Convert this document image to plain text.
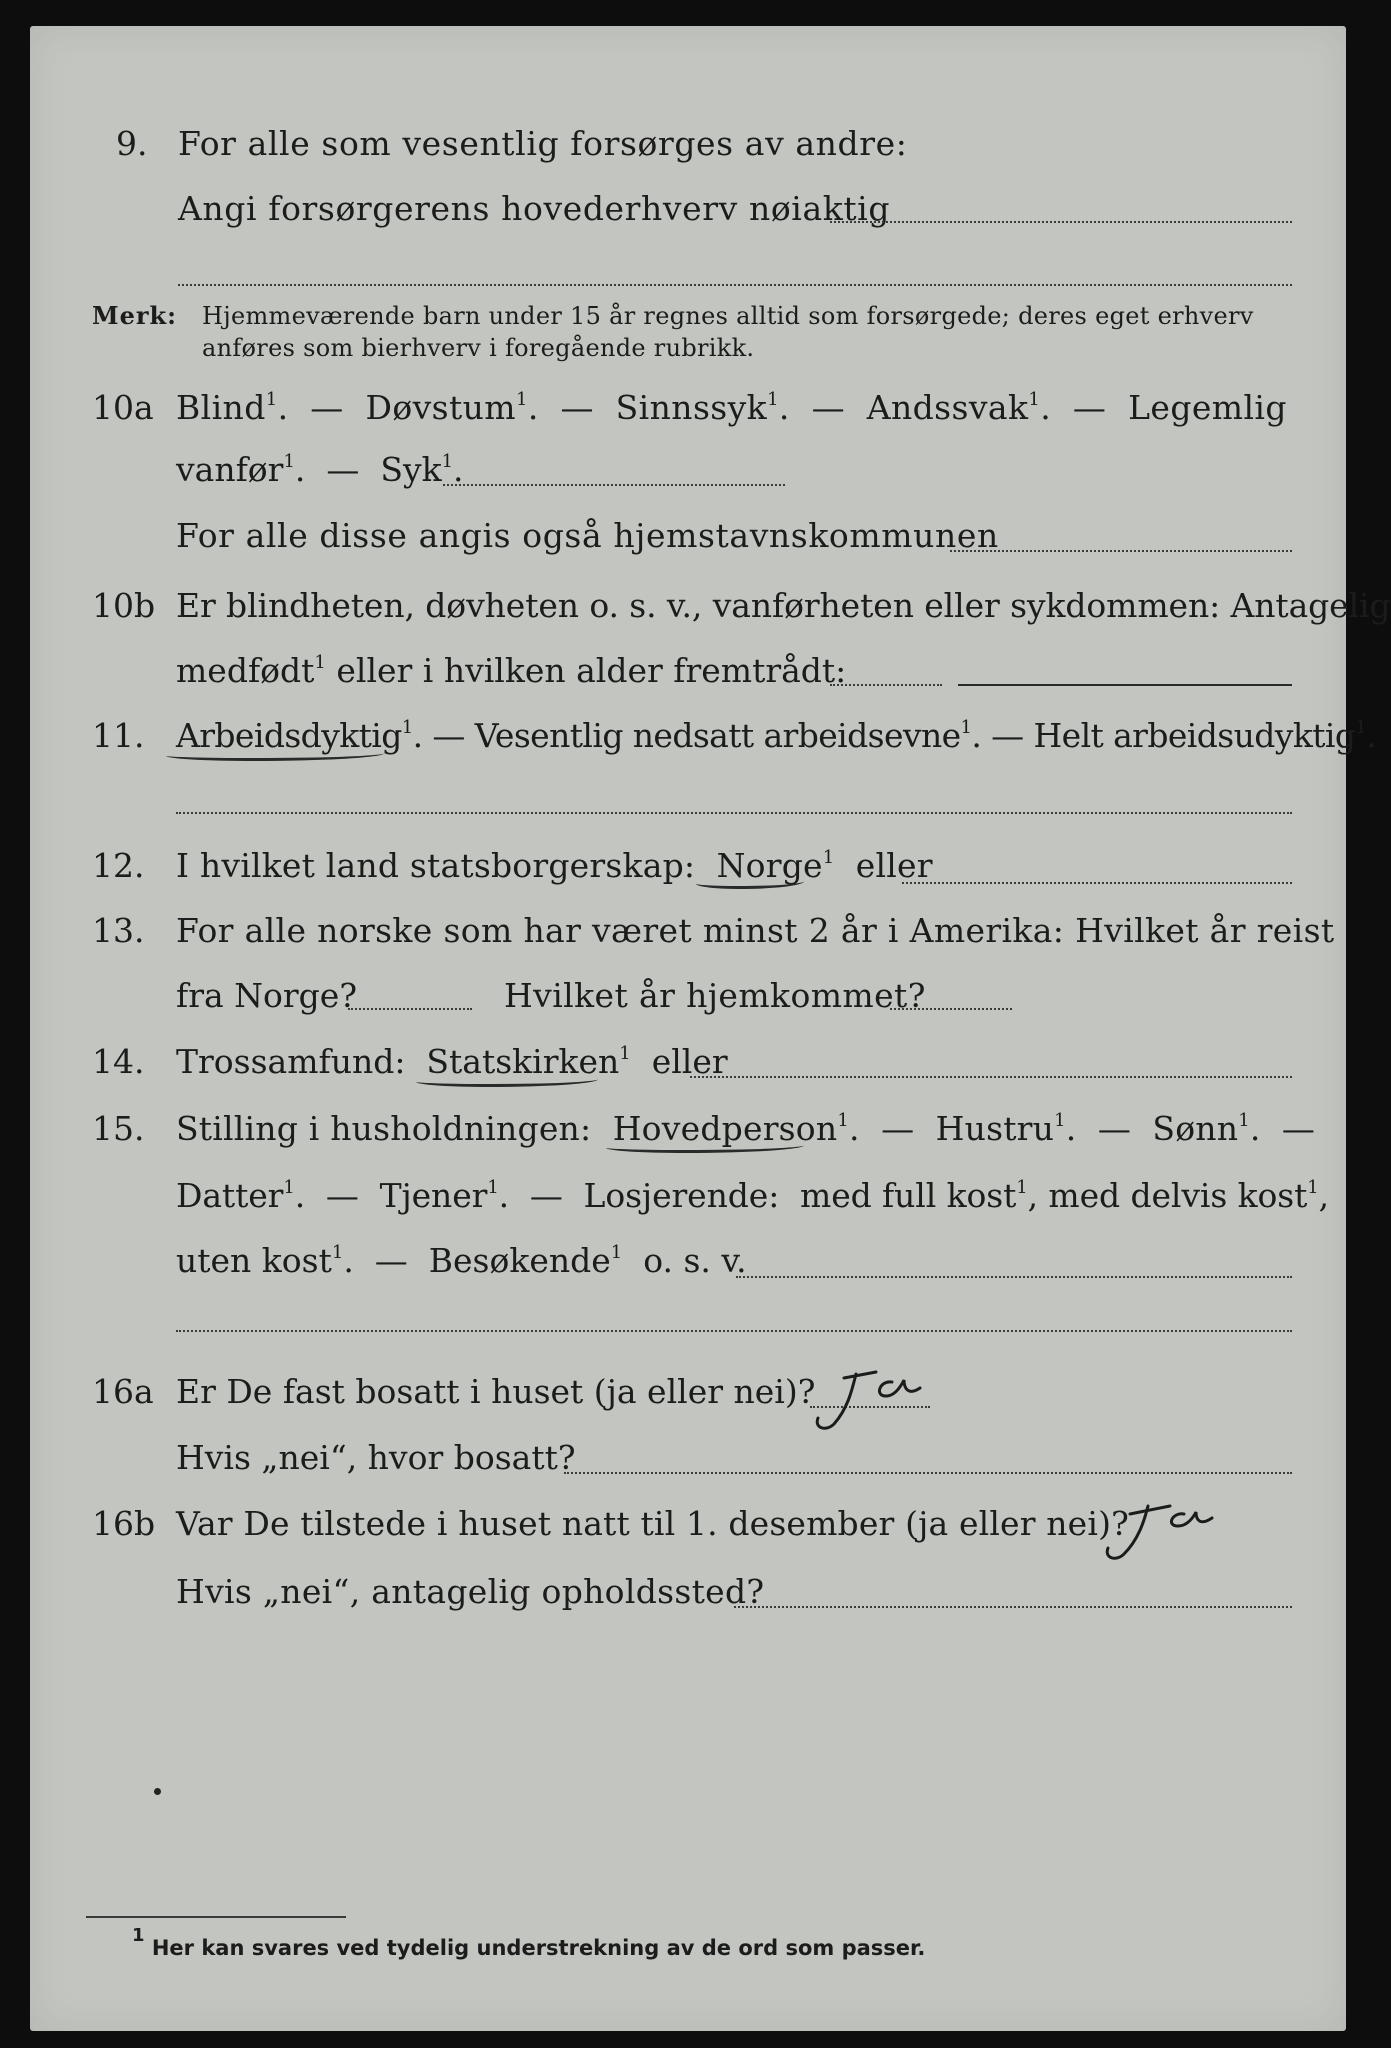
9. For alle som vesentlig forsørges av andre:
Angi forsørgerens hovederhverv nøiaktig
Merk: Hjemmeværende barn under 15 år regnes alltid som forsørgede; deres eget erhverv
anføres som bierhverv i foregående rubrikk.
10a Blind$^1$.  —  Døvstum$^1$.  —  Sinnssyk$^1$.  —  Andssvak$^1$.  —  Legemlig
vanfør$^1$.  —  Syk$^1$.
For alle disse angis også hjemstavnskommunen
10b Er blindheten, døvheten o. s. v., vanførheten eller sykdommen: Antagelig
medfødt$^1$ eller i hvilken alder fremtrådt:
11. Arbeidsdyktig$^1$. — Vesentlig nedsatt arbeidsevne$^1$. — Helt arbeidsudyktig$^1$.
12. I hvilket land statsborgerskap:  Norge$^1$  eller
13. For alle norske som har været minst 2 år i Amerika: Hvilket år reist
fra Norge?	Hvilket år hjemkommet?
14. Trossamfund:  Statskirken$^1$  eller
15. Stilling i husholdningen:  Hovedperson$^1$.  —  Hustru$^1$.  —  Sønn$^1$.  —
Datter$^1$.  —  Tjener$^1$.  —  Losjerende:  med full kost$^1$, med delvis kost$^1$,
uten kost$^1$.  —  Besøkende$^1$  o. s. v.
16a Er De fast bosatt i huset (ja eller nei)?
Hvis „nei“, hvor bosatt?
16b Var De tilstede i huset natt til 1. desember (ja eller nei)?
Hvis „nei“, antagelig opholdssted?
$^1$ Her kan svares ved tydelig understrekning av de ord som passer.
